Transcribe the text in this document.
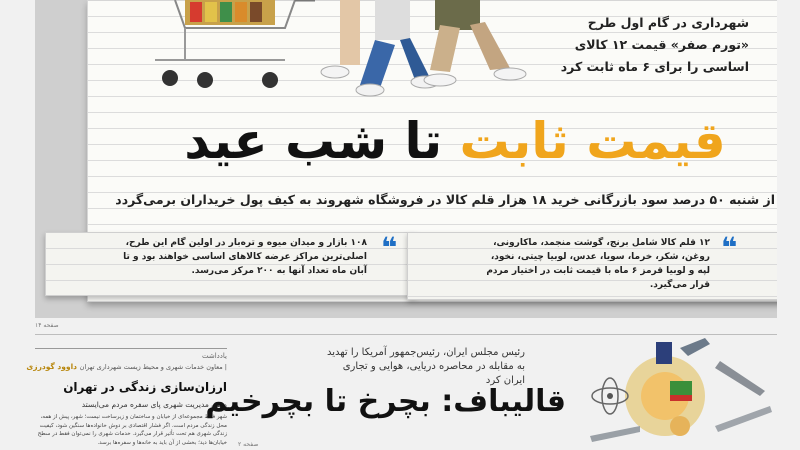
شهرداری در گام اول طرح
«تورم صفر» قیمت ۱۲ کالای
اساسی را برای ۶ ماه ثابت کرد
قیمت ثابت تا شب عید
از شنبه ۵۰ درصد سود بازرگانی خرید ۱۸ هزار قلم کالا در فروشگاه شهروند به کیف پول خریداران برمی‌گردد
❝	❝
۱۰۸ بازار و میدان میوه و تره‌بار در اولین گام این طرح، اصلی‌ترین مراکز عرضه کالاهای اساسی خواهند بود و تا آبان ماه تعداد آنها به ۲۰۰ مرکز می‌رسد.
۱۲ قلم کالا شامل برنج، گوشت منجمد، ماکارونی، روغن، شکر، خرما، سویا، عدس، لوبیا چیتی، نخود، لپه و لوبیا قرمز ۶ ماه با قیمت ثابت در اختیار مردم قرار می‌گیرد.
صفحه ۱۴
یادداشت
| معاون خدمات شهری و محیط زیست شهرداری تهران داوود گودرزی
ارزان‌سازی زندگی در تهران
وقتی مدیریت شهری پای سفره مردم می‌ایستد
شهر فقط مجموعه‌ای از خیابان و ساختمان و زیرساخت نیست؛ شهر، پیش از همه، محل زندگی مردم است. اگر فشار اقتصادی بر دوش خانواده‌ها سنگین شود، کیفیت زندگی شهری هم تحت تأثیر قرار می‌گیرد. خدمات شهری را نمی‌توان فقط در سطح خیابان‌ها دید؛ بخشی از آن باید به خانه‌ها و سفره‌ها برسد.
رئیس مجلس ایران، رئیس‌جمهور آمریکا را تهدید به مقابله در محاصره دریایی، هوایی و تجاری ایران کرد
قالیباف: بچرخ تا بچرخیم
صفحه ۲
